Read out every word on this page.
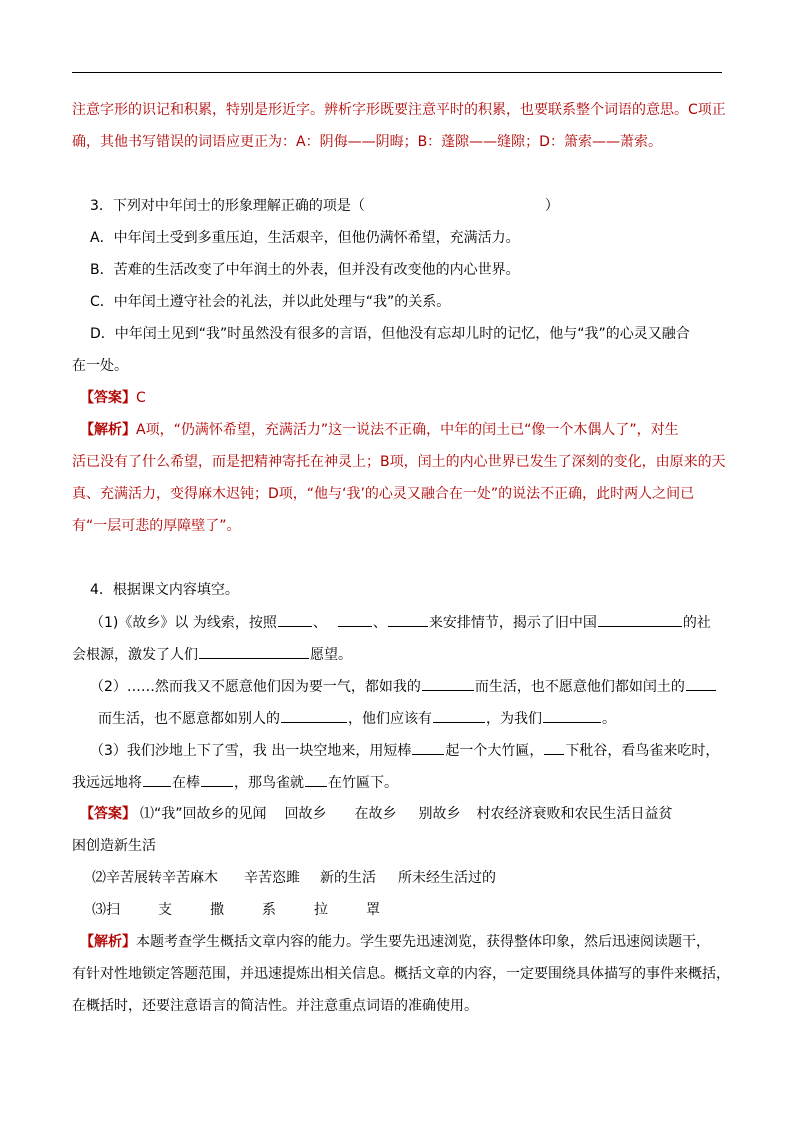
注意字形的识记和积累，特别是形近字。辨析字形既要注意平时的积累，也要联系整个词语的意思。C项正
确，其他书写错误的词语应更正为：A：阴侮——阴晦；B：蓬隙——缝隙；D：箫索——萧索。
3．下列对中年闰士的形象理解正确的项是（	）
A．中年闰土受到多重压迫，生活艰辛，但他仍满怀希望，充满活力。
B．苦难的生活改变了中年润土的外表，但并没有改变他的内心世界。
C．中年闰土遵守社会的礼法，并以此处理与“我”的关系。
D．中年闰土见到“我”时虽然没有很多的言语，但他没有忘却儿时的记忆，他与“我”的心灵又融合
在一处。
【答案】C
【解析】A项，“仍满怀希望，充满活力”这一说法不正确，中年的闰土已“像一个木偶人了”，对生
活已没有了什么希望，而是把精神寄托在神灵上；B项，闰土的内心世界已发生了深刻的变化，由原来的天
真、充满活力，变得麻木迟钝；D项，“他与‘我’的心灵又融合在一处”的说法不正确，此时两人之间已
有“一层可悲的厚障壁了”。
4．根据课文内容填空。
（1)《故乡》以 为线索，按照	、	、	来安排情节，揭示了旧中国	的社
会根源，激发了人们	愿望。
（2）……然而我又不愿意他们因为要一气，都如我的	而生活，也不愿意他们都如闰土的
而生活，也不愿意都如别人的	，他们应该有	，为我们	。
（3）我们沙地上下了雪，我 出一块空地来，用短棒 起一个大竹匾， 下秕谷，看鸟雀来吃时，
我远远地将 在棒 ，那鸟雀就 在竹匾下。
【答案】 ⑴“我”回故乡的见闻 回故乡 在故乡 别故乡 村农经济衰败和农民生活日益贫
困创造新生活
⑵辛苦展转辛苦麻木 辛苦恣雎 新的生活 所未经生活过的
⑶扫	支	撒	系	拉	罩
【解析】本题考查学生概括文章内容的能力。学生要先迅速浏览，获得整体印象，然后迅速阅读题干，
有针对性地锁定答题范围，并迅速提炼出相关信息。概括文章的内容，一定要围绕具体描写的事件来概括，
在概括时，还要注意语言的简洁性。并注意重点词语的准确使用。
